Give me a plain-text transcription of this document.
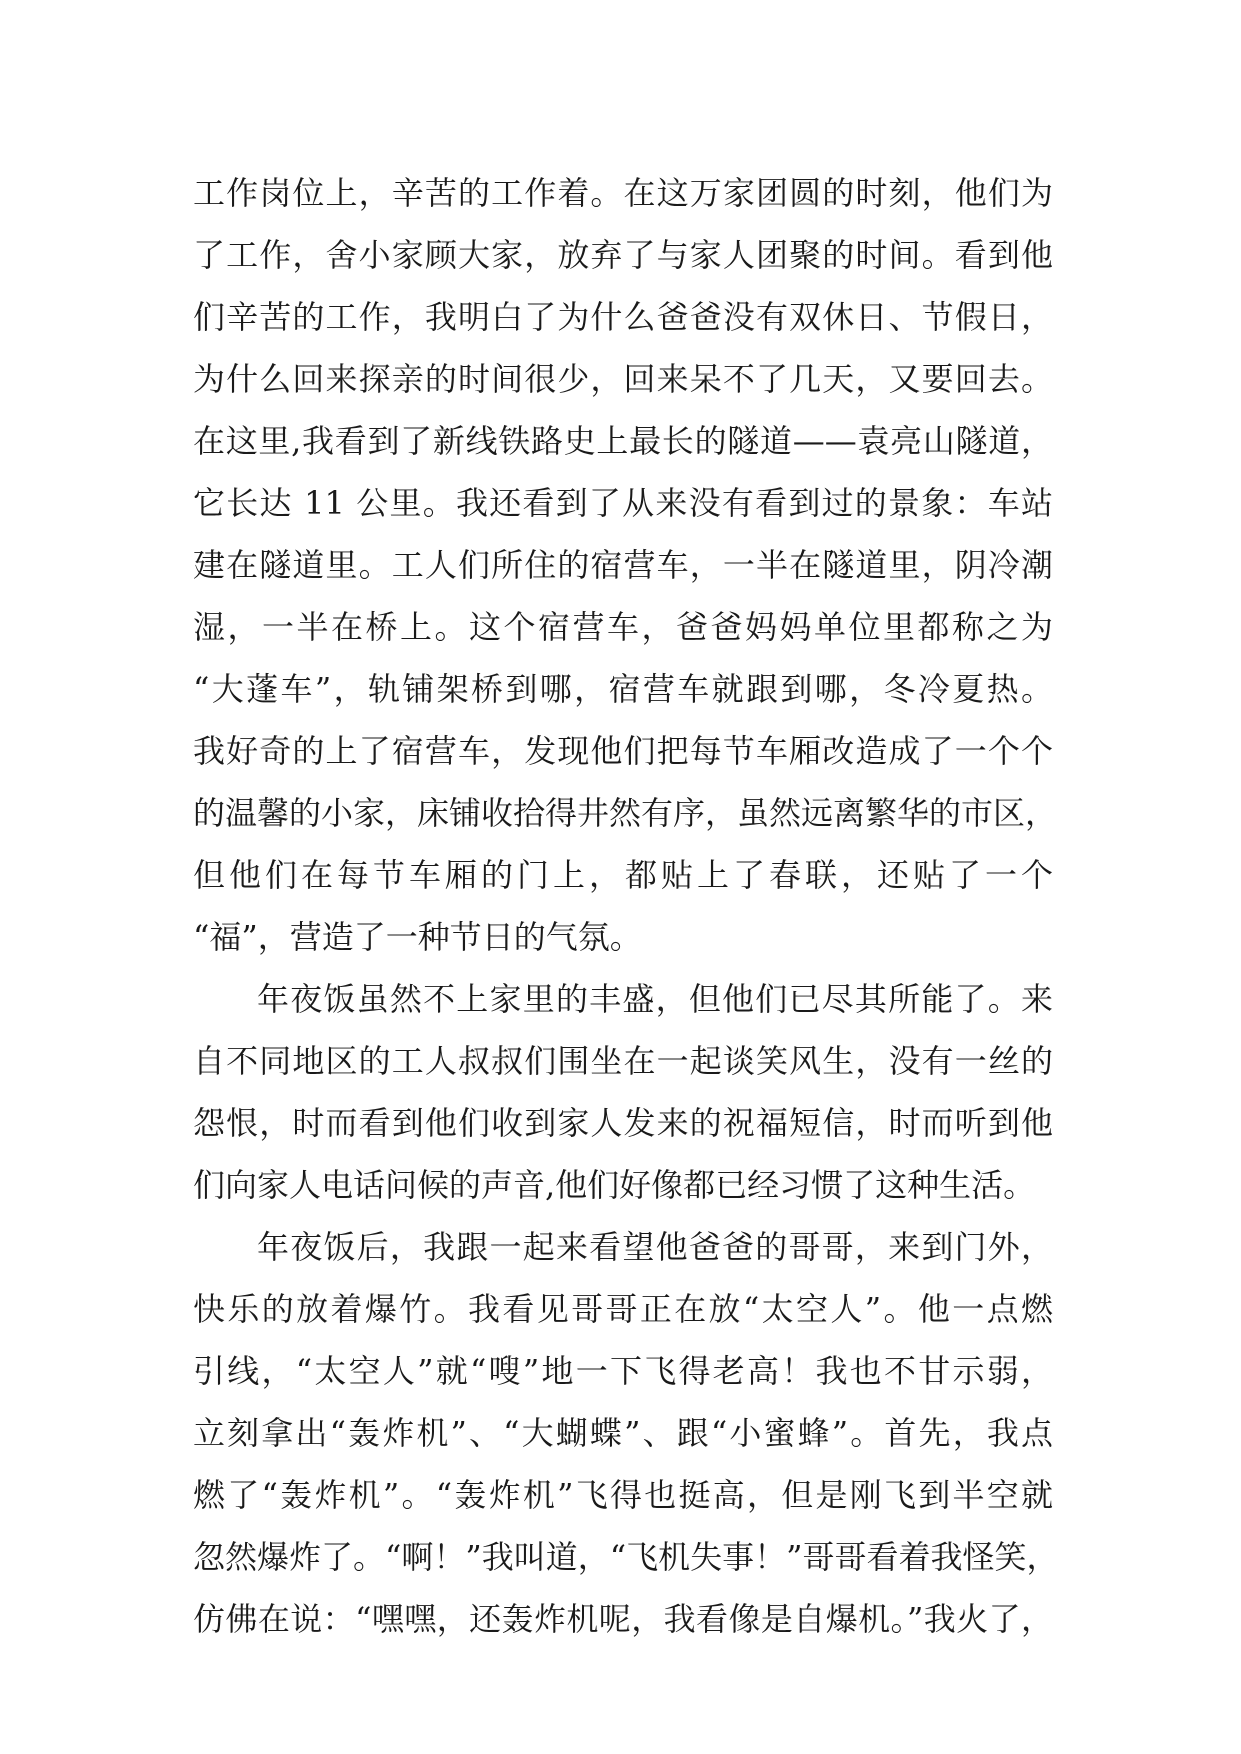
工作岗位上，辛苦的工作着。在这万家团圆的时刻，他们为
了工作，舍小家顾大家，放弃了与家人团聚的时间。看到他
们辛苦的工作，我明白了为什么爸爸没有双休日、节假日，
为什么回来探亲的时间很少，回来呆不了几天，又要回去。
在这里,我看到了新线铁路史上最长的隧道——袁亮山隧道，
它长达 11 公里。我还看到了从来没有看到过的景象：车站
建在隧道里。工人们所住的宿营车，一半在隧道里，阴冷潮
湿，一半在桥上。这个宿营车，爸爸妈妈单位里都称之为
“大蓬车”，轨铺架桥到哪，宿营车就跟到哪，冬冷夏热。
我好奇的上了宿营车，发现他们把每节车厢改造成了一个个
的温馨的小家，床铺收拾得井然有序，虽然远离繁华的市区，
但他们在每节车厢的门上，都贴上了春联，还贴了一个
“福”，营造了一种节日的气氛。
年夜饭虽然不上家里的丰盛，但他们已尽其所能了。来
自不同地区的工人叔叔们围坐在一起谈笑风生，没有一丝的
怨恨，时而看到他们收到家人发来的祝福短信，时而听到他
们向家人电话问候的声音,他们好像都已经习惯了这种生活。
年夜饭后，我跟一起来看望他爸爸的哥哥，来到门外，
快乐的放着爆竹。我看见哥哥正在放“太空人”。他一点燃
引线，“太空人”就“嗖”地一下飞得老高！我也不甘示弱，
立刻拿出“轰炸机”、“大蝴蝶”、跟“小蜜蜂”。首先，我点
燃了“轰炸机”。“轰炸机”飞得也挺高，但是刚飞到半空就
忽然爆炸了。“啊！”我叫道，“飞机失事！”哥哥看着我怪笑，
仿佛在说：“嘿嘿，还轰炸机呢，我看像是自爆机。”我火了，
